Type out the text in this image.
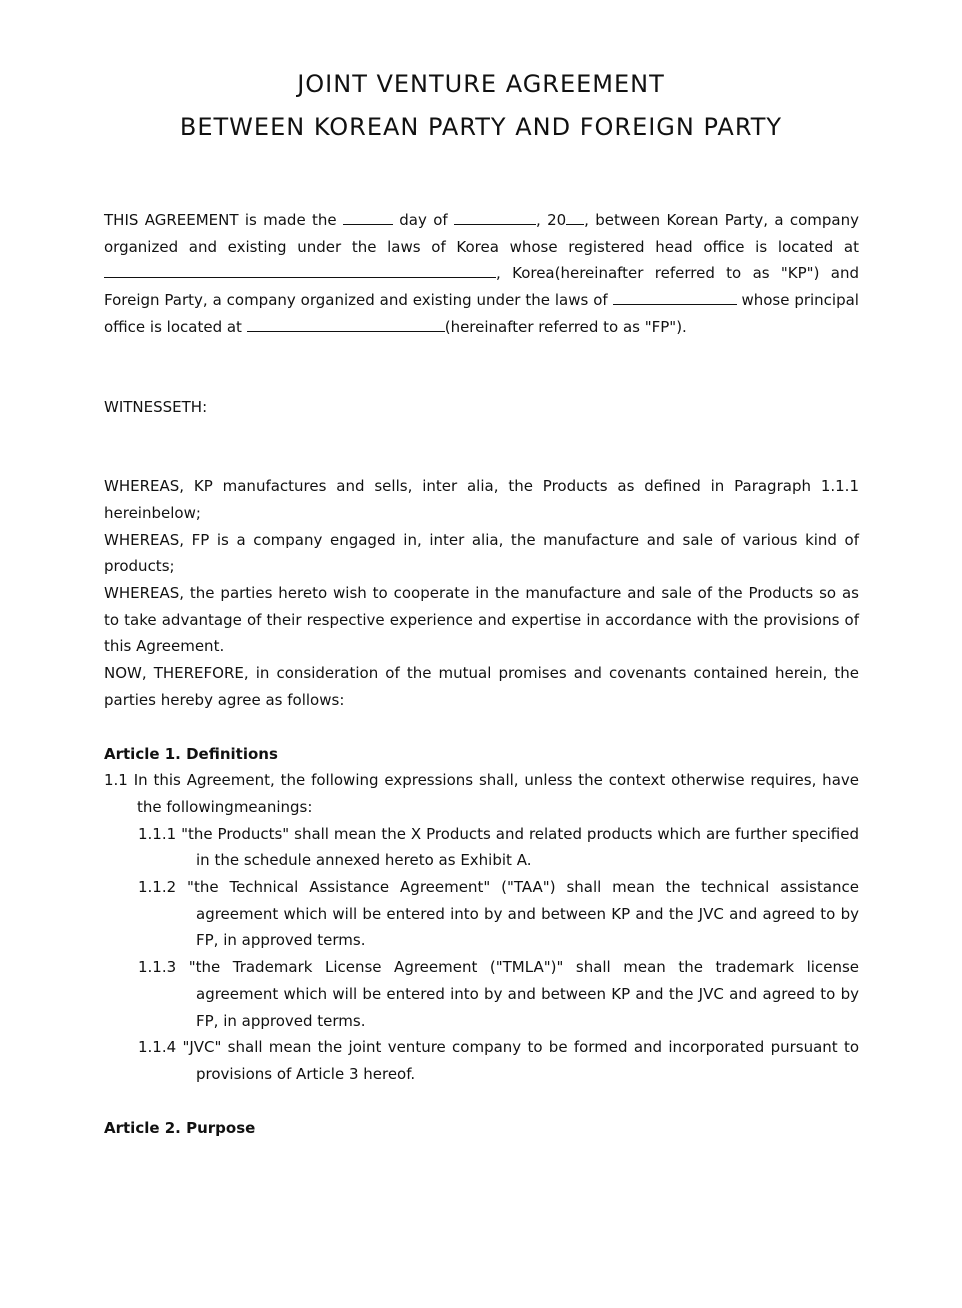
JOINT VENTURE AGREEMENT
BETWEEN KOREAN PARTY AND FOREIGN PARTY

THIS AGREEMENT is made the	day of	, 20 , between Korean Party, a company organized and existing under the laws of Korea whose registered head office is located at , Korea(hereinafter referred to as "KP") and Foreign Party, a company organized and existing under the laws of	whose principal office is located at	(hereinafter referred to as "FP").

WITNESSETH:

WHEREAS, KP manufactures and sells, inter alia, the Products as defined in Paragraph 1.1.1 hereinbelow;

WHEREAS, FP is a company engaged in, inter alia, the manufacture and sale of various kind of products;

WHEREAS, the parties hereto wish to cooperate in the manufacture and sale of the Products so as to take advantage of their respective experience and expertise in accordance with the provisions of this Agreement.

NOW, THEREFORE, in consideration of the mutual promises and covenants contained herein, the parties hereby agree as follows:

Article 1. Definitions

1.1 In this Agreement, the following expressions shall, unless the context otherwise requires, have the followingmeanings:

1.1.1 "the Products" shall mean the X Products and related products which are further specified in the schedule annexed hereto as Exhibit A.

1.1.2 "the Technical Assistance Agreement" ("TAA") shall mean the technical assistance agreement which will be entered into by and between KP and the JVC and agreed to by FP, in approved terms.

1.1.3 "the Trademark License Agreement ("TMLA")" shall mean the trademark license agreement which will be entered into by and between KP and the JVC and agreed to by FP, in approved terms.

1.1.4 "JVC" shall mean the joint venture company to be formed and incorporated pursuant to provisions of Article 3 hereof.

Article 2. Purpose
